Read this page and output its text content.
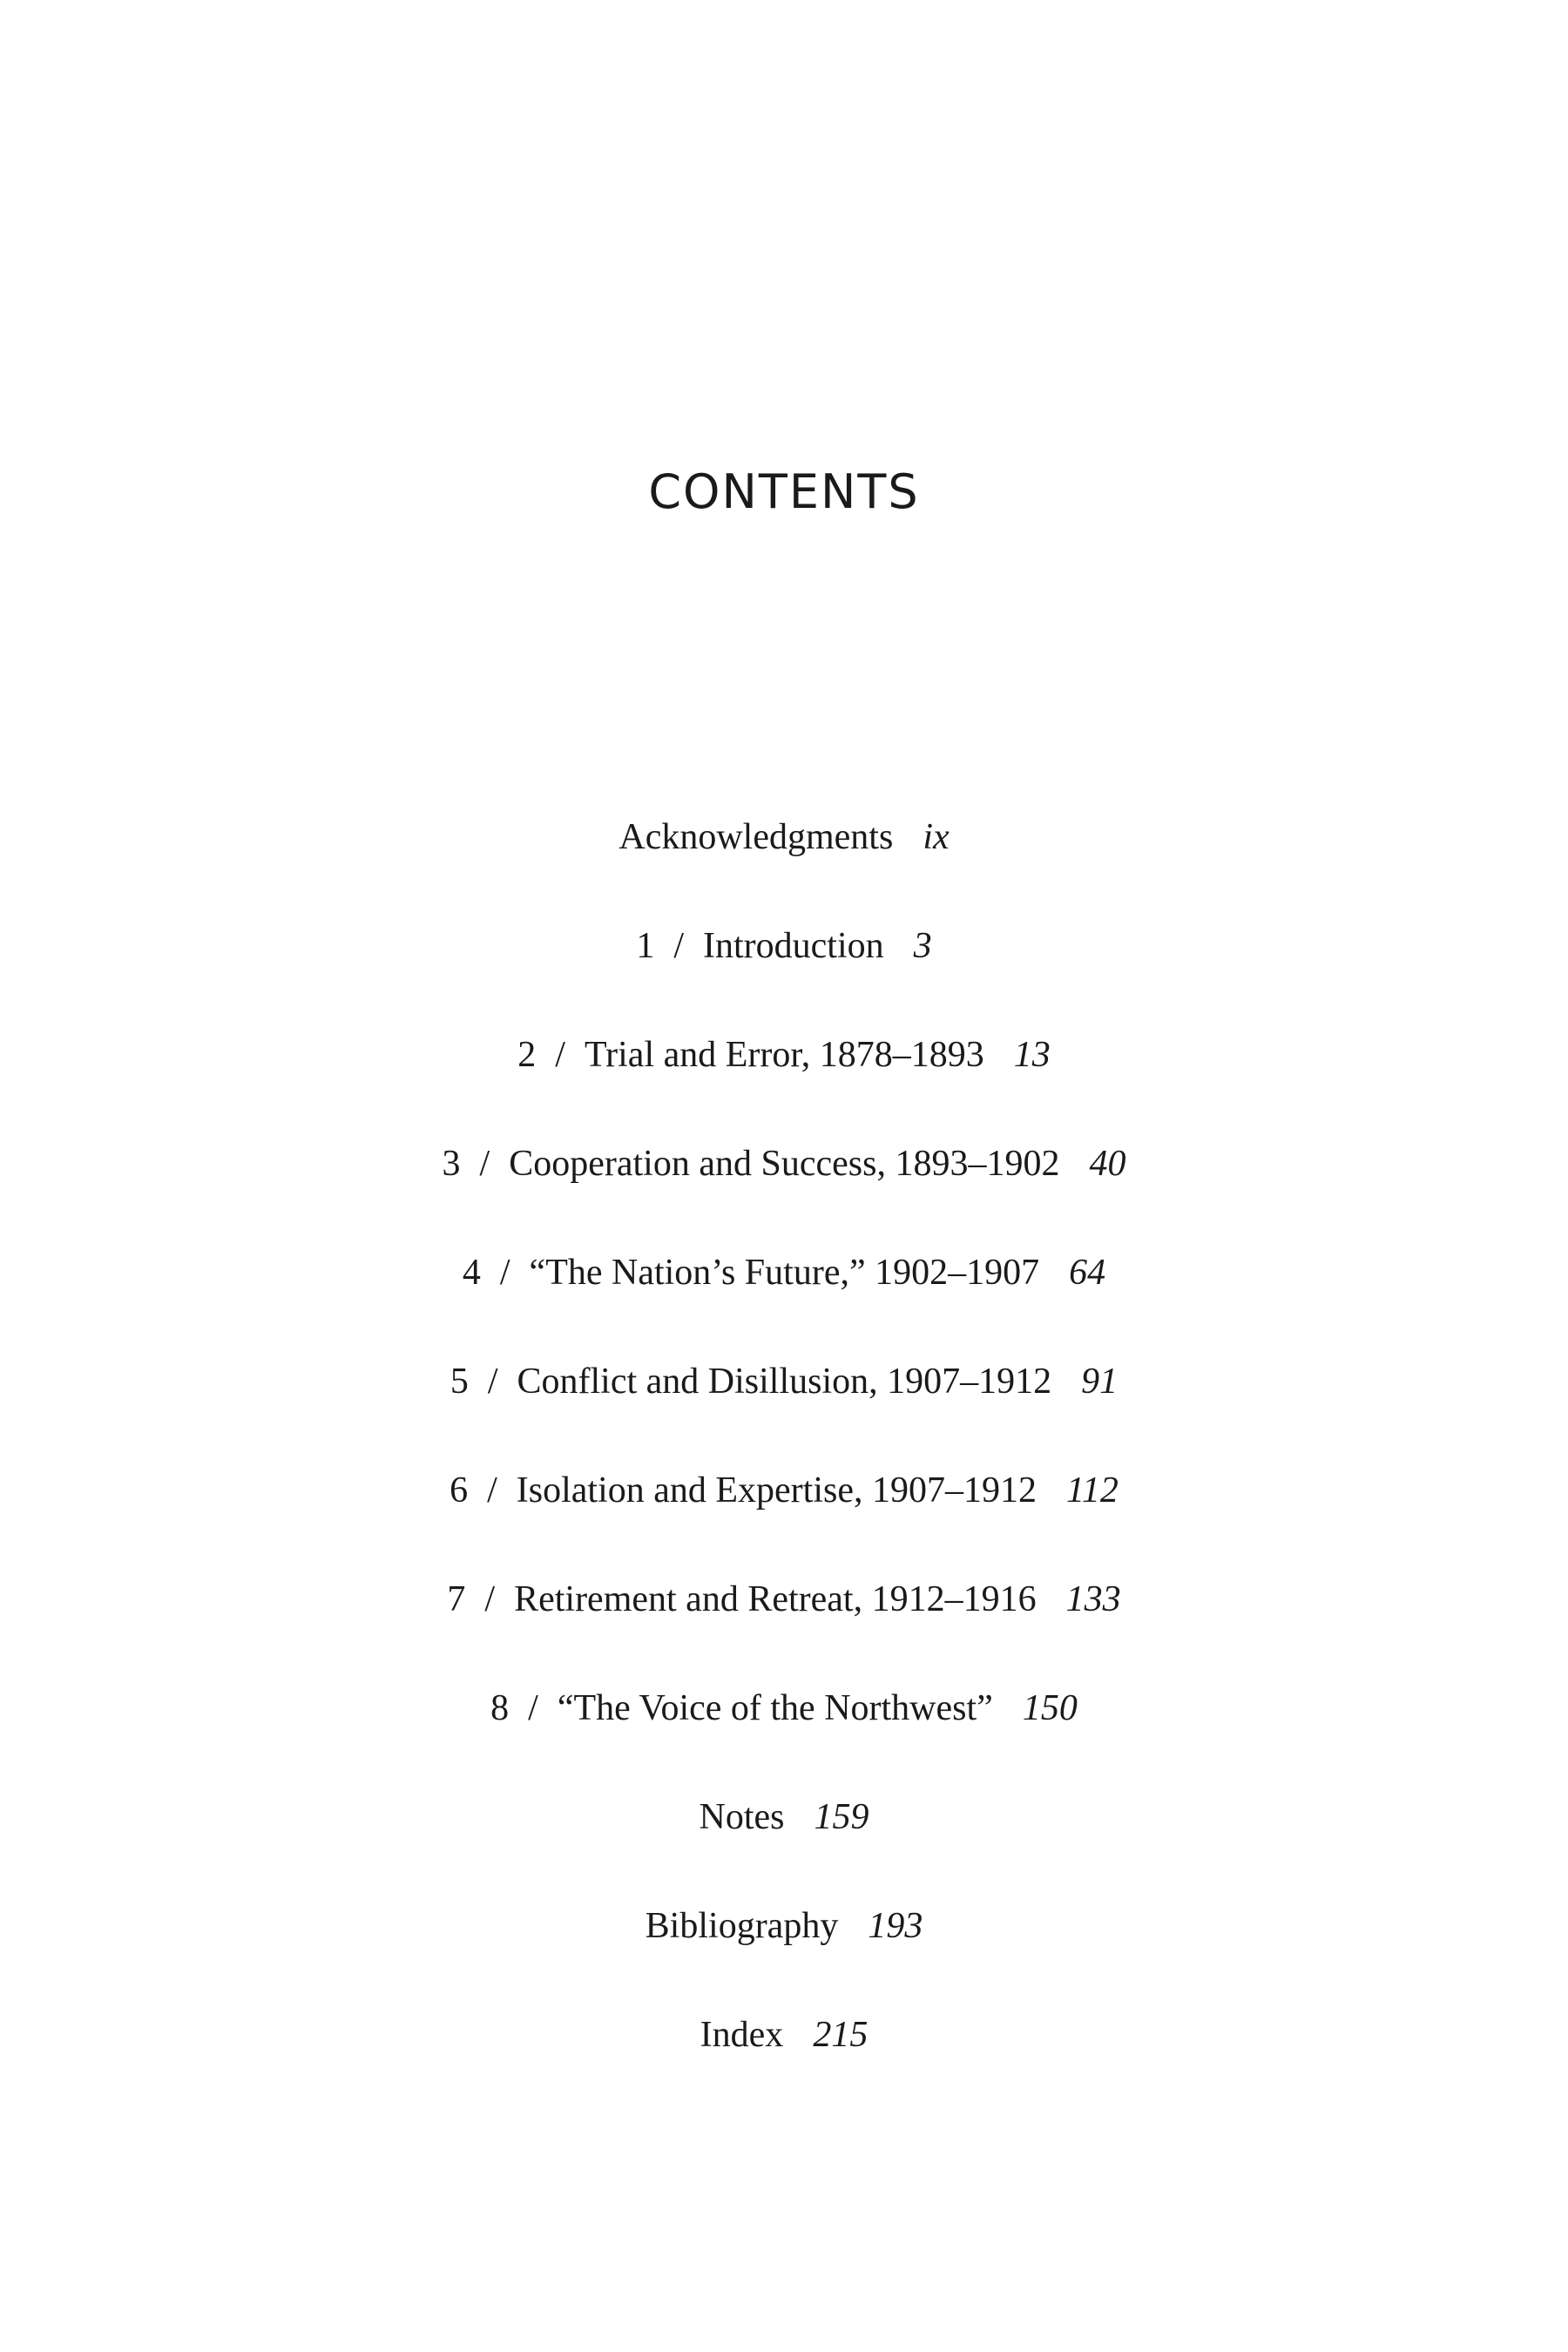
CONTENTS
Acknowledgments ix
1 / Introduction 3
2 / Trial and Error, 1878–1893 13
3 / Cooperation and Success, 1893–1902 40
4 / “The Nation’s Future,” 1902–1907 64
5 / Conflict and Disillusion, 1907–1912 91
6 / Isolation and Expertise, 1907–1912 112
7 / Retirement and Retreat, 1912–1916 133
8 / “The Voice of the Northwest” 150
Notes 159
Bibliography 193
Index 215
